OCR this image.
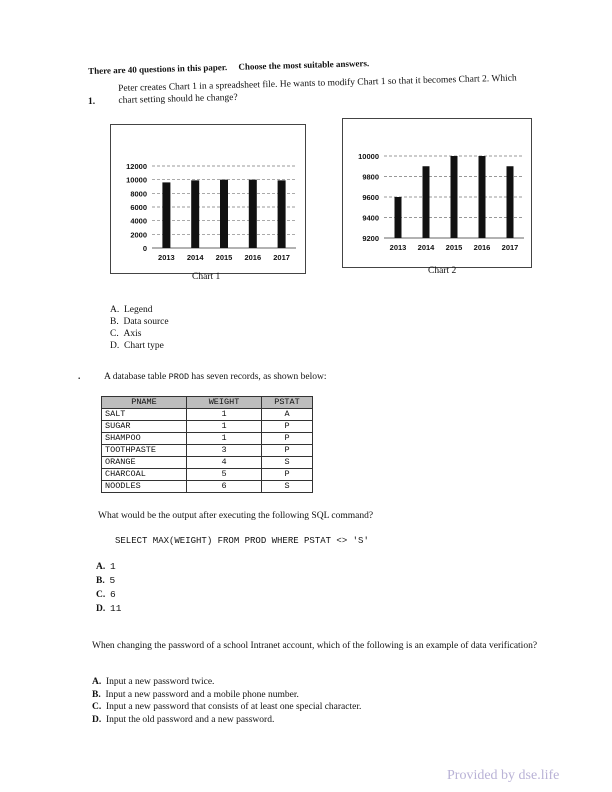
There are 40 questions in this paper. Choose the most suitable answers.
1.
Peter creates Chart 1 in a spreadsheet file. He wants to modify Chart 1 so that it becomes Chart 2. Which chart setting should he change?
0
2000
4000
6000
8000
10000
12000
2013 2014 2015 2016 2017
Chart 1
9200
9400
9600
9800
10000
2013 2014 2015 2016 2017
Chart 2
A. Legend
B. Data source
C. Axis
D. Chart type
. A database table PROD has seven records, as shown below:
PNAME	WEIGHT	PSTAT
SALT	1	A
SUGAR	1	P
SHAMPOO	1	P
TOOTHPASTE	3	P
ORANGE	4	S
CHARCOAL	5	P
NOODLES	6	S
What would be the output after executing the following SQL command?
SELECT MAX(WEIGHT) FROM PROD WHERE PSTAT <> 'S'
A. 1
B. 5
C. 6
D. 11
When changing the password of a school Intranet account, which of the following is an example of data verification?
A. Input a new password twice.
B. Input a new password and a mobile phone number.
C. Input a new password that consists of at least one special character.
D. Input the old password and a new password.
Provided by dse.life
